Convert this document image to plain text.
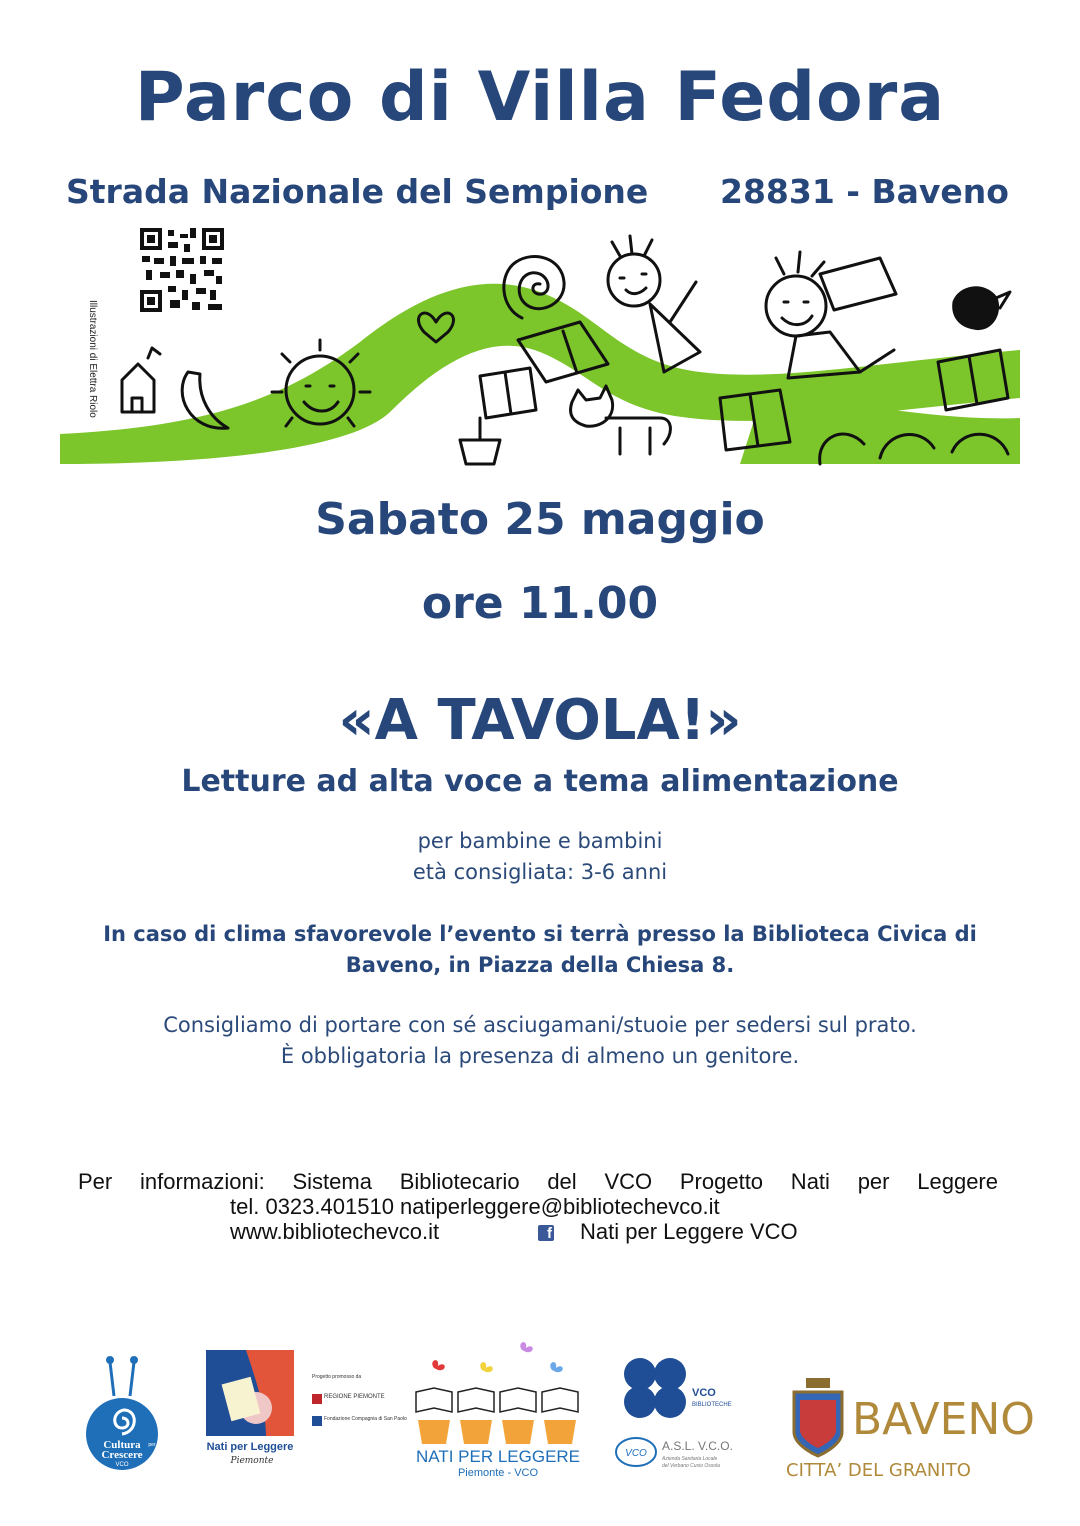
Parco di Villa Fedora
Strada Nazionale del Sempione 28831 - Baveno
Illustrazioni di Elettra Riolo
Sabato 25 maggio
ore 11.00
«A TAVOLA!»
Letture ad alta voce a tema alimentazione
per bambine e bambini
età consigliata: 3-6 anni
In caso di clima sfavorevole l’evento si terrà presso la Biblioteca Civica di
Baveno, in Piazza della Chiesa 8.
Consigliamo di portare con sé asciugamani/stuoie per sedersi sul prato.
È obbligatoria la presenza di almeno un genitore.
Per informazioni: Sistema Bibliotecario del VCO Progetto Nati per Leggere
tel. 0323.401510 natiperleggere@bibliotechevco.it
www.bibliotechevco.it	f Nati per Leggere VCO
Cultura per
Crescere
VCO
Nati per Leggere
Piemonte
Progetto promosso da
REGIONE PIEMONTE
Fondazione Compagnia di San Paolo
NATI PER LEGGERE
Piemonte - VCO
VCO
BIBLIOTECHE
VCO
A.S.L. V.C.O.
Azienda Sanitaria Locale
del Verbano Cusio Ossola
BAVENO
CITTA’ DEL GRANITO
